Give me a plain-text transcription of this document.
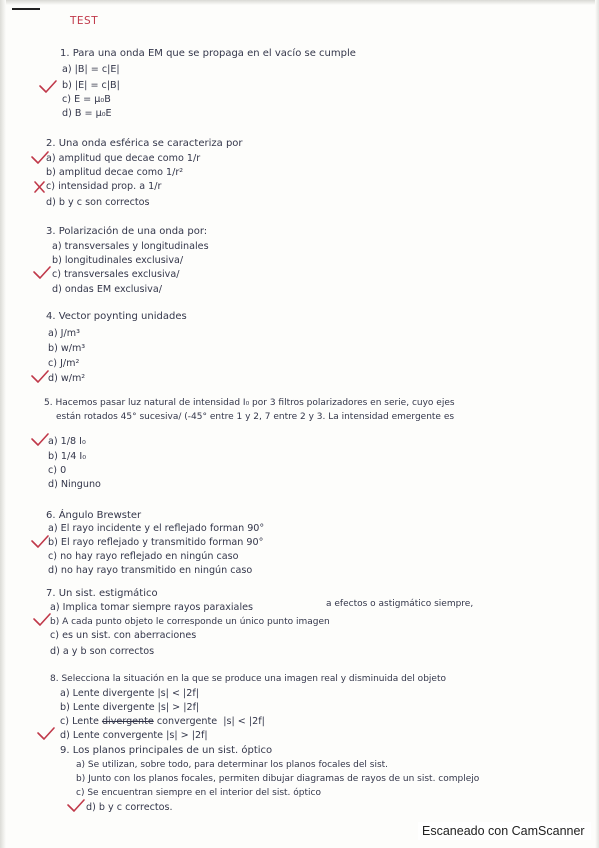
TEST
1. Para una onda EM que se propaga en el vacío se cumple
a) |B| = c|E|
b) |E| = c|B|
c) E = μ₀B
d) B = μ₀E
2. Una onda esférica se caracteriza por
a) amplitud que decae como 1/r
b) amplitud decae como 1/r²
c) intensidad prop. a 1/r
d) b y c son correctos
3. Polarización de una onda por:
a) transversales y longitudinales
b) longitudinales exclusiva/
c) transversales exclusiva/
d) ondas EM exclusiva/
4. Vector poynting unidades
a) J/m³
b) w/m³
c) J/m²
d) w/m²
5. Hacemos pasar luz natural de intensidad I₀ por 3 filtros polarizadores en serie, cuyo ejes
están rotados 45° sucesiva/ (-45° entre 1 y 2, 7 entre 2 y 3. La intensidad emergente es
a) 1/8 I₀
b) 1/4 I₀
c) 0
d) Ninguno
6. Ángulo Brewster
a) El rayo incidente y el reflejado forman 90°
b) El rayo reflejado y transmitido forman 90°
c) no hay rayo reflejado en ningún caso
d) no hay rayo transmitido en ningún caso
7. Un sist. estigmático
a efectos o astigmático siempre,
a) Implica tomar siempre rayos paraxiales
b) A cada punto objeto le corresponde un único punto imagen
c) es un sist. con aberraciones
d) a y b son correctos
8. Selecciona la situación en la que se produce una imagen real y disminuida del objeto
a) Lente divergente |s| < |2f|
b) Lente divergente |s| > |2f|
c) Lente divergente convergente  |s| < |2f|
d) Lente convergente |s| > |2f|
9. Los planos principales de un sist. óptico
a) Se utilizan, sobre todo, para determinar los planos focales del sist.
b) Junto con los planos focales, permiten dibujar diagramas de rayos de un sist. complejo
c) Se encuentran siempre en el interior del sist. óptico
d) b y c correctos.
Escaneado con CamScanner
